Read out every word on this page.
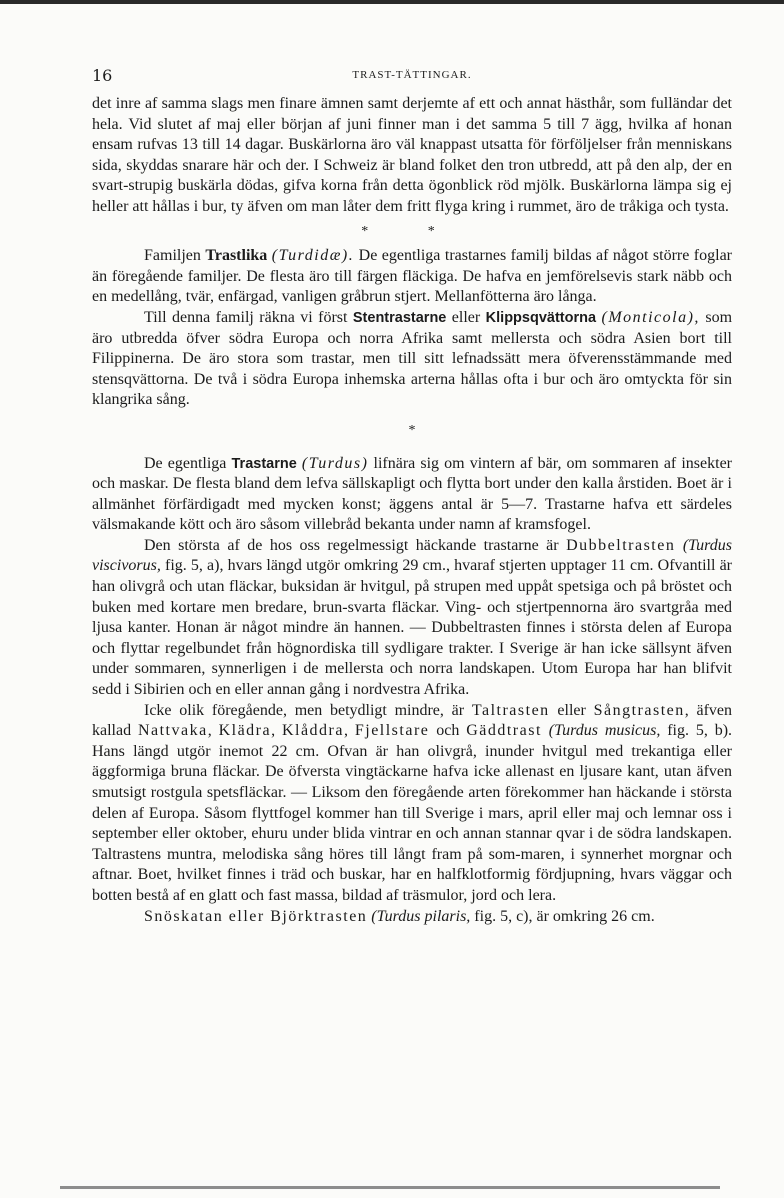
16	TRAST-TÄTTINGAR.

det inre af samma slags men finare ämnen samt derjemte af ett och annat hästhår, som fulländar det hela. Vid slutet af maj eller början af juni finner man i det samma 5 till 7 ägg, hvilka af honan ensam rufvas 13 till 14 dagar. Buskärlorna äro väl knappast utsatta för förföljelser från menniskans sida, skyddas snarare här och der. I Schweiz är bland folket den tron utbredd, att på den alp, der en svart-strupig buskärla dödas, gifva korna från detta ögonblick röd mjölk. Buskärlorna lämpa sig ej heller att hållas i bur, ty äfven om man låter dem fritt flyga kring i rummet, äro de tråkiga och tysta.

* *

Familjen Trastlika (Turdidæ). De egentliga trastarnes familj bildas af något större foglar än föregående familjer. De flesta äro till färgen fläckiga. De hafva en jemförelsevis stark näbb och en medellång, tvär, enfärgad, vanligen gråbrun stjert. Mellanfötterna äro långa.

Till denna familj räkna vi först Stentrastarne eller Klippsqvättorna (Monticola), som äro utbredda öfver södra Europa och norra Afrika samt mellersta och södra Asien bort till Filippinerna. De äro stora som trastar, men till sitt lefnadssätt mera öfverensstämmande med stensqvättorna. De två i södra Europa inhemska arterna hållas ofta i bur och äro omtyckta för sin klangrika sång.

*

De egentliga Trastarne (Turdus) lifnära sig om vintern af bär, om sommaren af insekter och maskar. De flesta bland dem lefva sällskapligt och flytta bort under den kalla årstiden. Boet är i allmänhet förfärdigadt med mycken konst; äggens antal är 5—7. Trastarne hafva ett särdeles välsmakande kött och äro såsom villebråd bekanta under namn af kramsfogel.

Den största af de hos oss regelmessigt häckande trastarne är Dubbeltrasten (Turdus viscivorus, fig. 5, a), hvars längd utgör omkring 29 cm., hvaraf stjerten upptager 11 cm. Ofvantill är han olivgrå och utan fläckar, buksidan är hvitgul, på strupen med uppåt spetsiga och på bröstet och buken med kortare men bredare, brun-svarta fläckar. Ving- och stjertpennorna äro svartgråa med ljusa kanter. Honan är något mindre än hannen. — Dubbeltrasten finnes i största delen af Europa och flyttar regelbundet från högnordiska till sydligare trakter. I Sverige är han icke sällsynt äfven under sommaren, synnerligen i de mellersta och norra landskapen. Utom Europa har han blifvit sedd i Sibirien och en eller annan gång i nordvestra Afrika.

Icke olik föregående, men betydligt mindre, är Taltrasten eller Sångtrasten, äfven kallad Nattvaka, Klädra, Klåddra, Fjellstare och Gäddtrast (Turdus musicus, fig. 5, b). Hans längd utgör inemot 22 cm. Ofvan är han olivgrå, inunder hvitgul med trekantiga eller äggformiga bruna fläckar. De öfversta vingtäckarne hafva icke allenast en ljusare kant, utan äfven smutsigt rostgula spetsfläckar. — Liksom den föregående arten förekommer han häckande i största delen af Europa. Såsom flyttfogel kommer han till Sverige i mars, april eller maj och lemnar oss i september eller oktober, ehuru under blida vintrar en och annan stannar qvar i de södra landskapen. Taltrastens muntra, melodiska sång höres till långt fram på som-maren, i synnerhet morgnar och aftnar. Boet, hvilket finnes i träd och buskar, har en halfklotformig fördjupning, hvars väggar och botten bestå af en glatt och fast massa, bildad af träsmulor, jord och lera.

Snöskatan eller Björktrasten (Turdus pilaris, fig. 5, c), är omkring 26 cm.
